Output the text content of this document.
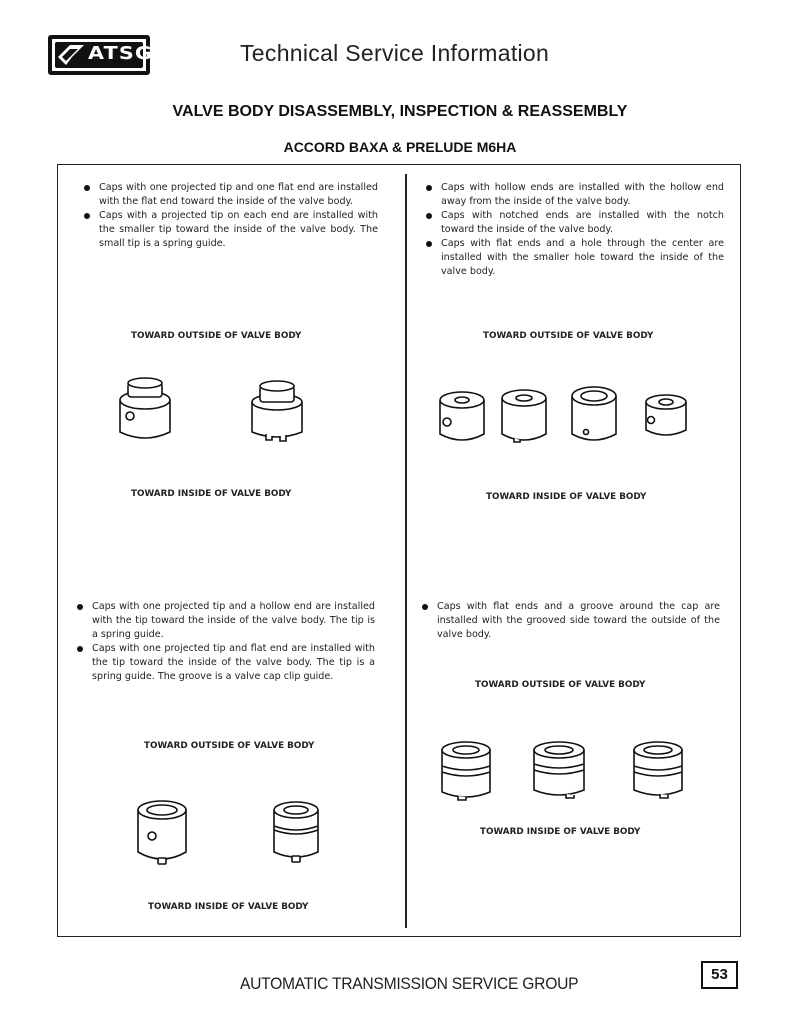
ATSG	Technical Service Information
VALVE BODY DISASSEMBLY, INSPECTION & REASSEMBLY
ACCORD BAXA & PRELUDE M6HA
Caps with one projected tip and one flat end are installed with the flat end toward the inside of the valve body.
Caps with a projected tip on each end are installed with the smaller tip toward the inside of the valve body. The small tip is a spring guide.
TOWARD OUTSIDE OF VALVE BODY
TOWARD INSIDE OF VALVE BODY
Caps with hollow ends are installed with the hollow end away from the inside of the valve body.
Caps with notched ends are installed with the notch toward the inside of the valve body.
Caps with flat ends and a hole through the center are installed with the smaller hole toward the inside of the valve body.
TOWARD OUTSIDE OF VALVE BODY
TOWARD INSIDE OF VALVE BODY
Caps with one projected tip and a hollow end are installed with the tip toward the inside of the valve body. The tip is a spring guide.
Caps with one projected tip and flat end are installed with the tip toward the inside of the valve body. The tip is a spring guide. The groove is a valve cap clip guide.
TOWARD OUTSIDE OF VALVE BODY
TOWARD INSIDE OF VALVE BODY
Caps with flat ends and a groove around the cap are installed with the grooved side toward the outside of the valve body.
TOWARD OUTSIDE OF VALVE BODY
TOWARD INSIDE OF VALVE BODY
AUTOMATIC TRANSMISSION SERVICE GROUP	53
